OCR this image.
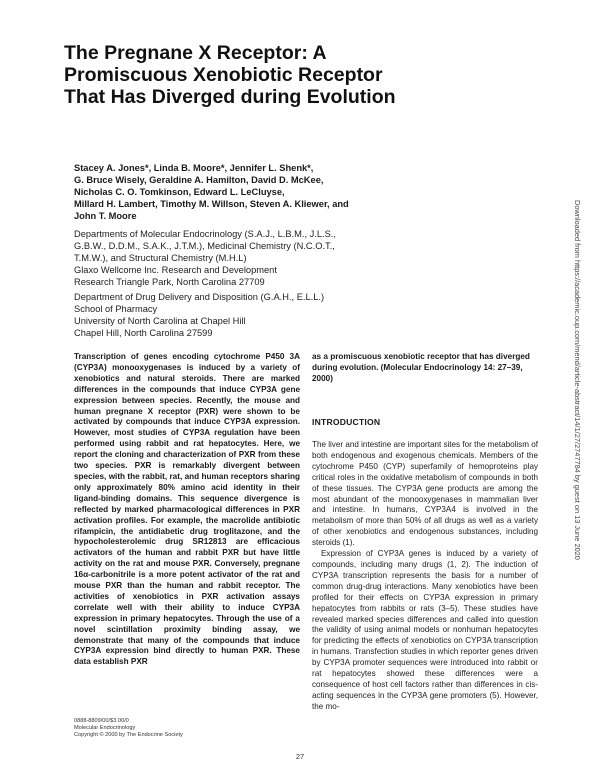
The Pregnane X Receptor: A
Promiscuous Xenobiotic Receptor
That Has Diverged during Evolution
Stacey A. Jones*, Linda B. Moore*, Jennifer L. Shenk*,
G. Bruce Wisely, Geraldine A. Hamilton, David D. McKee,
Nicholas C. O. Tomkinson, Edward L. LeCluyse,
Millard H. Lambert, Timothy M. Willson, Steven A. Kliewer, and
John T. Moore
Departments of Molecular Endocrinology (S.A.J., L.B.M., J.L.S.,
G.B.W., D.D.M., S.A.K., J.T.M.), Medicinal Chemistry (N.C.O.T.,
T.M.W.), and Structural Chemistry (M.H.L)
Glaxo Wellcome Inc. Research and Development
Research Triangle Park, North Carolina 27709
Department of Drug Delivery and Disposition (G.A.H., E.L.L.)
School of Pharmacy
University of North Carolina at Chapel Hill
Chapel Hill, North Carolina 27599
Transcription of genes encoding cytochrome P450 3A (CYP3A) monooxygenases is induced by a variety of xenobiotics and natural steroids. There are marked differences in the compounds that induce CYP3A gene expression between species. Recently, the mouse and human pregnane X receptor (PXR) were shown to be activated by compounds that induce CYP3A expression. However, most studies of CYP3A regulation have been performed using rabbit and rat hepatocytes. Here, we report the cloning and characterization of PXR from these two species. PXR is remarkably divergent between species, with the rabbit, rat, and human receptors sharing only approximately 80% amino acid identity in their ligand-binding domains. This sequence divergence is reflected by marked pharmacological differences in PXR activation profiles. For example, the macrolide antibiotic rifampicin, the antidiabetic drug troglitazone, and the hypocholesterolemic drug SR12813 are efficacious activators of the human and rabbit PXR but have little activity on the rat and mouse PXR. Conversely, pregnane 16α-carbonitrile is a more potent activator of the rat and mouse PXR than the human and rabbit receptor. The activities of xenobiotics in PXR activation assays correlate well with their ability to induce CYP3A expression in primary hepatocytes. Through the use of a novel scintillation proximity binding assay, we demonstrate that many of the compounds that induce CYP3A expression bind directly to human PXR. These data establish PXR
as a promiscuous xenobiotic receptor that has diverged during evolution. (Molecular Endocrinology 14: 27–39, 2000)
INTRODUCTION

The liver and intestine are important sites for the metabolism of both endogenous and exogenous chemicals. Members of the cytochrome P450 (CYP) superfamily of hemoproteins play critical roles in the oxidative metabolism of compounds in both of these tissues. The CYP3A gene products are among the most abundant of the monooxygenases in mammalian liver and intestine. In humans, CYP3A4 is involved in the metabolism of more than 50% of all drugs as well as a variety of other xenobiotics and endogenous substances, including steroids (1).

Expression of CYP3A genes is induced by a variety of compounds, including many drugs (1, 2). The induction of CYP3A transcription represents the basis for a number of common drug-drug interactions. Many xenobiotics have been profiled for their effects on CYP3A expression in primary hepatocytes from rabbits or rats (3–5). These studies have revealed marked species differences and called into question the validity of using animal models or nonhuman hepatocytes for predicting the effects of xenobiotics on CYP3A transcription in humans. Transfection studies in which reporter genes driven by CYP3A promoter sequences were introduced into rabbit or rat hepatocytes showed these differences were a consequence of host cell factors rather than differences in cis-acting sequences in the CYP3A gene promoters (5). However, the mo-

0888-8809/00/$3.00/0
Molecular Endocrinology
Copyright © 2000 by The Endocrine Society
27
Downloaded from https://academic.oup.com/mend/article-abstract/14/1/27/2747784 by guest on 13 June 2020
